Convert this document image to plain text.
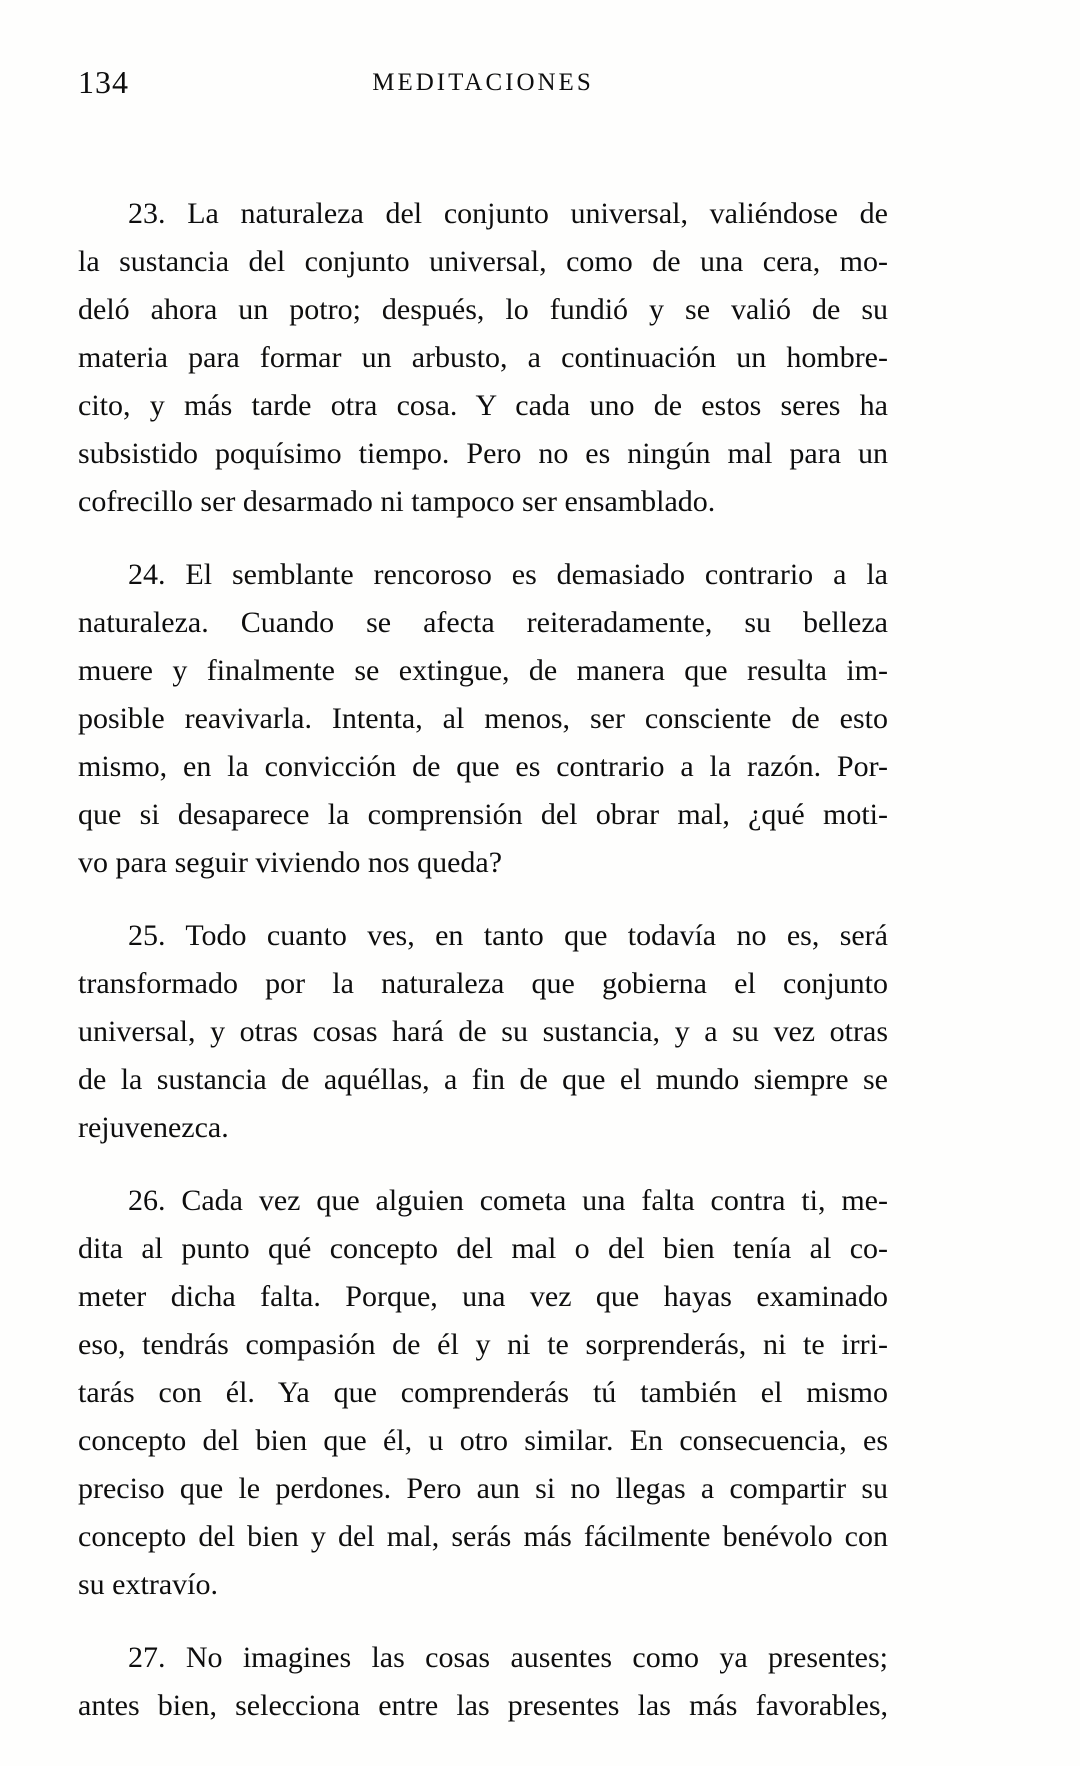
134	MEDITACIONES
23. La naturaleza del conjunto universal, valiéndose de
la sustancia del conjunto universal, como de una cera, mo-
deló ahora un potro; después, lo fundió y se valió de su
materia para formar un arbusto, a continuación un hombre-
cito, y más tarde otra cosa. Y cada uno de estos seres ha
subsistido poquísimo tiempo. Pero no es ningún mal para un
cofrecillo ser desarmado ni tampoco ser ensamblado.
24. El semblante rencoroso es demasiado contrario a la
naturaleza. Cuando se afecta reiteradamente, su belleza
muere y finalmente se extingue, de manera que resulta im-
posible reavivarla. Intenta, al menos, ser consciente de esto
mismo, en la convicción de que es contrario a la razón. Por-
que si desaparece la comprensión del obrar mal, ¿qué moti-
vo para seguir viviendo nos queda?
25. Todo cuanto ves, en tanto que todavía no es, será
transformado por la naturaleza que gobierna el conjunto
universal, y otras cosas hará de su sustancia, y a su vez otras
de la sustancia de aquéllas, a fin de que el mundo siempre se
rejuvenezca.
26. Cada vez que alguien cometa una falta contra ti, me-
dita al punto qué concepto del mal o del bien tenía al co-
meter dicha falta. Porque, una vez que hayas examinado
eso, tendrás compasión de él y ni te sorprenderás, ni te irri-
tarás con él. Ya que comprenderás tú también el mismo
concepto del bien que él, u otro similar. En consecuencia, es
preciso que le perdones. Pero aun si no llegas a compartir su
concepto del bien y del mal, serás más fácilmente benévolo con
su extravío.
27. No imagines las cosas ausentes como ya presentes;
antes bien, selecciona entre las presentes las más favorables,
